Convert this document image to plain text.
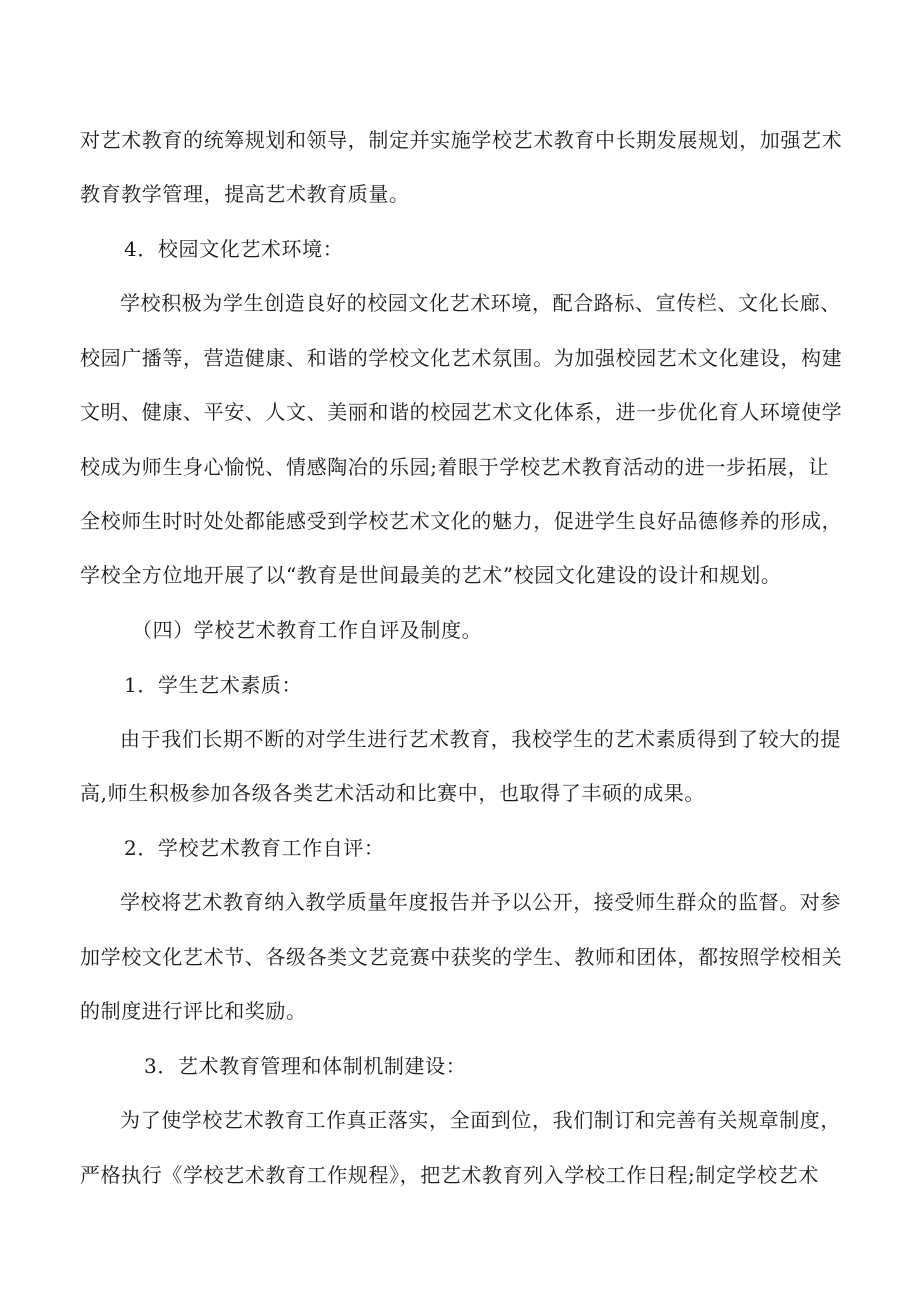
对艺术教育的统筹规划和领导，制定并实施学校艺术教育中长期发展规划，加强艺术
教育教学管理，提高艺术教育质量。
4．校园文化艺术环境：
学校积极为学生创造良好的校园文化艺术环境，配合路标、宣传栏、文化长廊、
校园广播等，营造健康、和谐的学校文化艺术氛围。为加强校园艺术文化建设，构建
文明、健康、平安、人文、美丽和谐的校园艺术文化体系，进一步优化育人环境使学
校成为师生身心愉悦、情感陶冶的乐园;着眼于学校艺术教育活动的进一步拓展，让
全校师生时时处处都能感受到学校艺术文化的魅力，促进学生良好品德修养的形成，
学校全方位地开展了以“教育是世间最美的艺术”校园文化建设的设计和规划。
（四）学校艺术教育工作自评及制度。
1．学生艺术素质：
由于我们长期不断的对学生进行艺术教育，我校学生的艺术素质得到了较大的提
高,师生积极参加各级各类艺术活动和比赛中，也取得了丰硕的成果。
2．学校艺术教育工作自评：
学校将艺术教育纳入教学质量年度报告并予以公开，接受师生群众的监督。对参
加学校文化艺术节、各级各类文艺竞赛中获奖的学生、教师和团体，都按照学校相关
的制度进行评比和奖励。
3．艺术教育管理和体制机制建设：
为了使学校艺术教育工作真正落实，全面到位，我们制订和完善有关规章制度，
严格执行《学校艺术教育工作规程》，把艺术教育列入学校工作日程;制定学校艺术
